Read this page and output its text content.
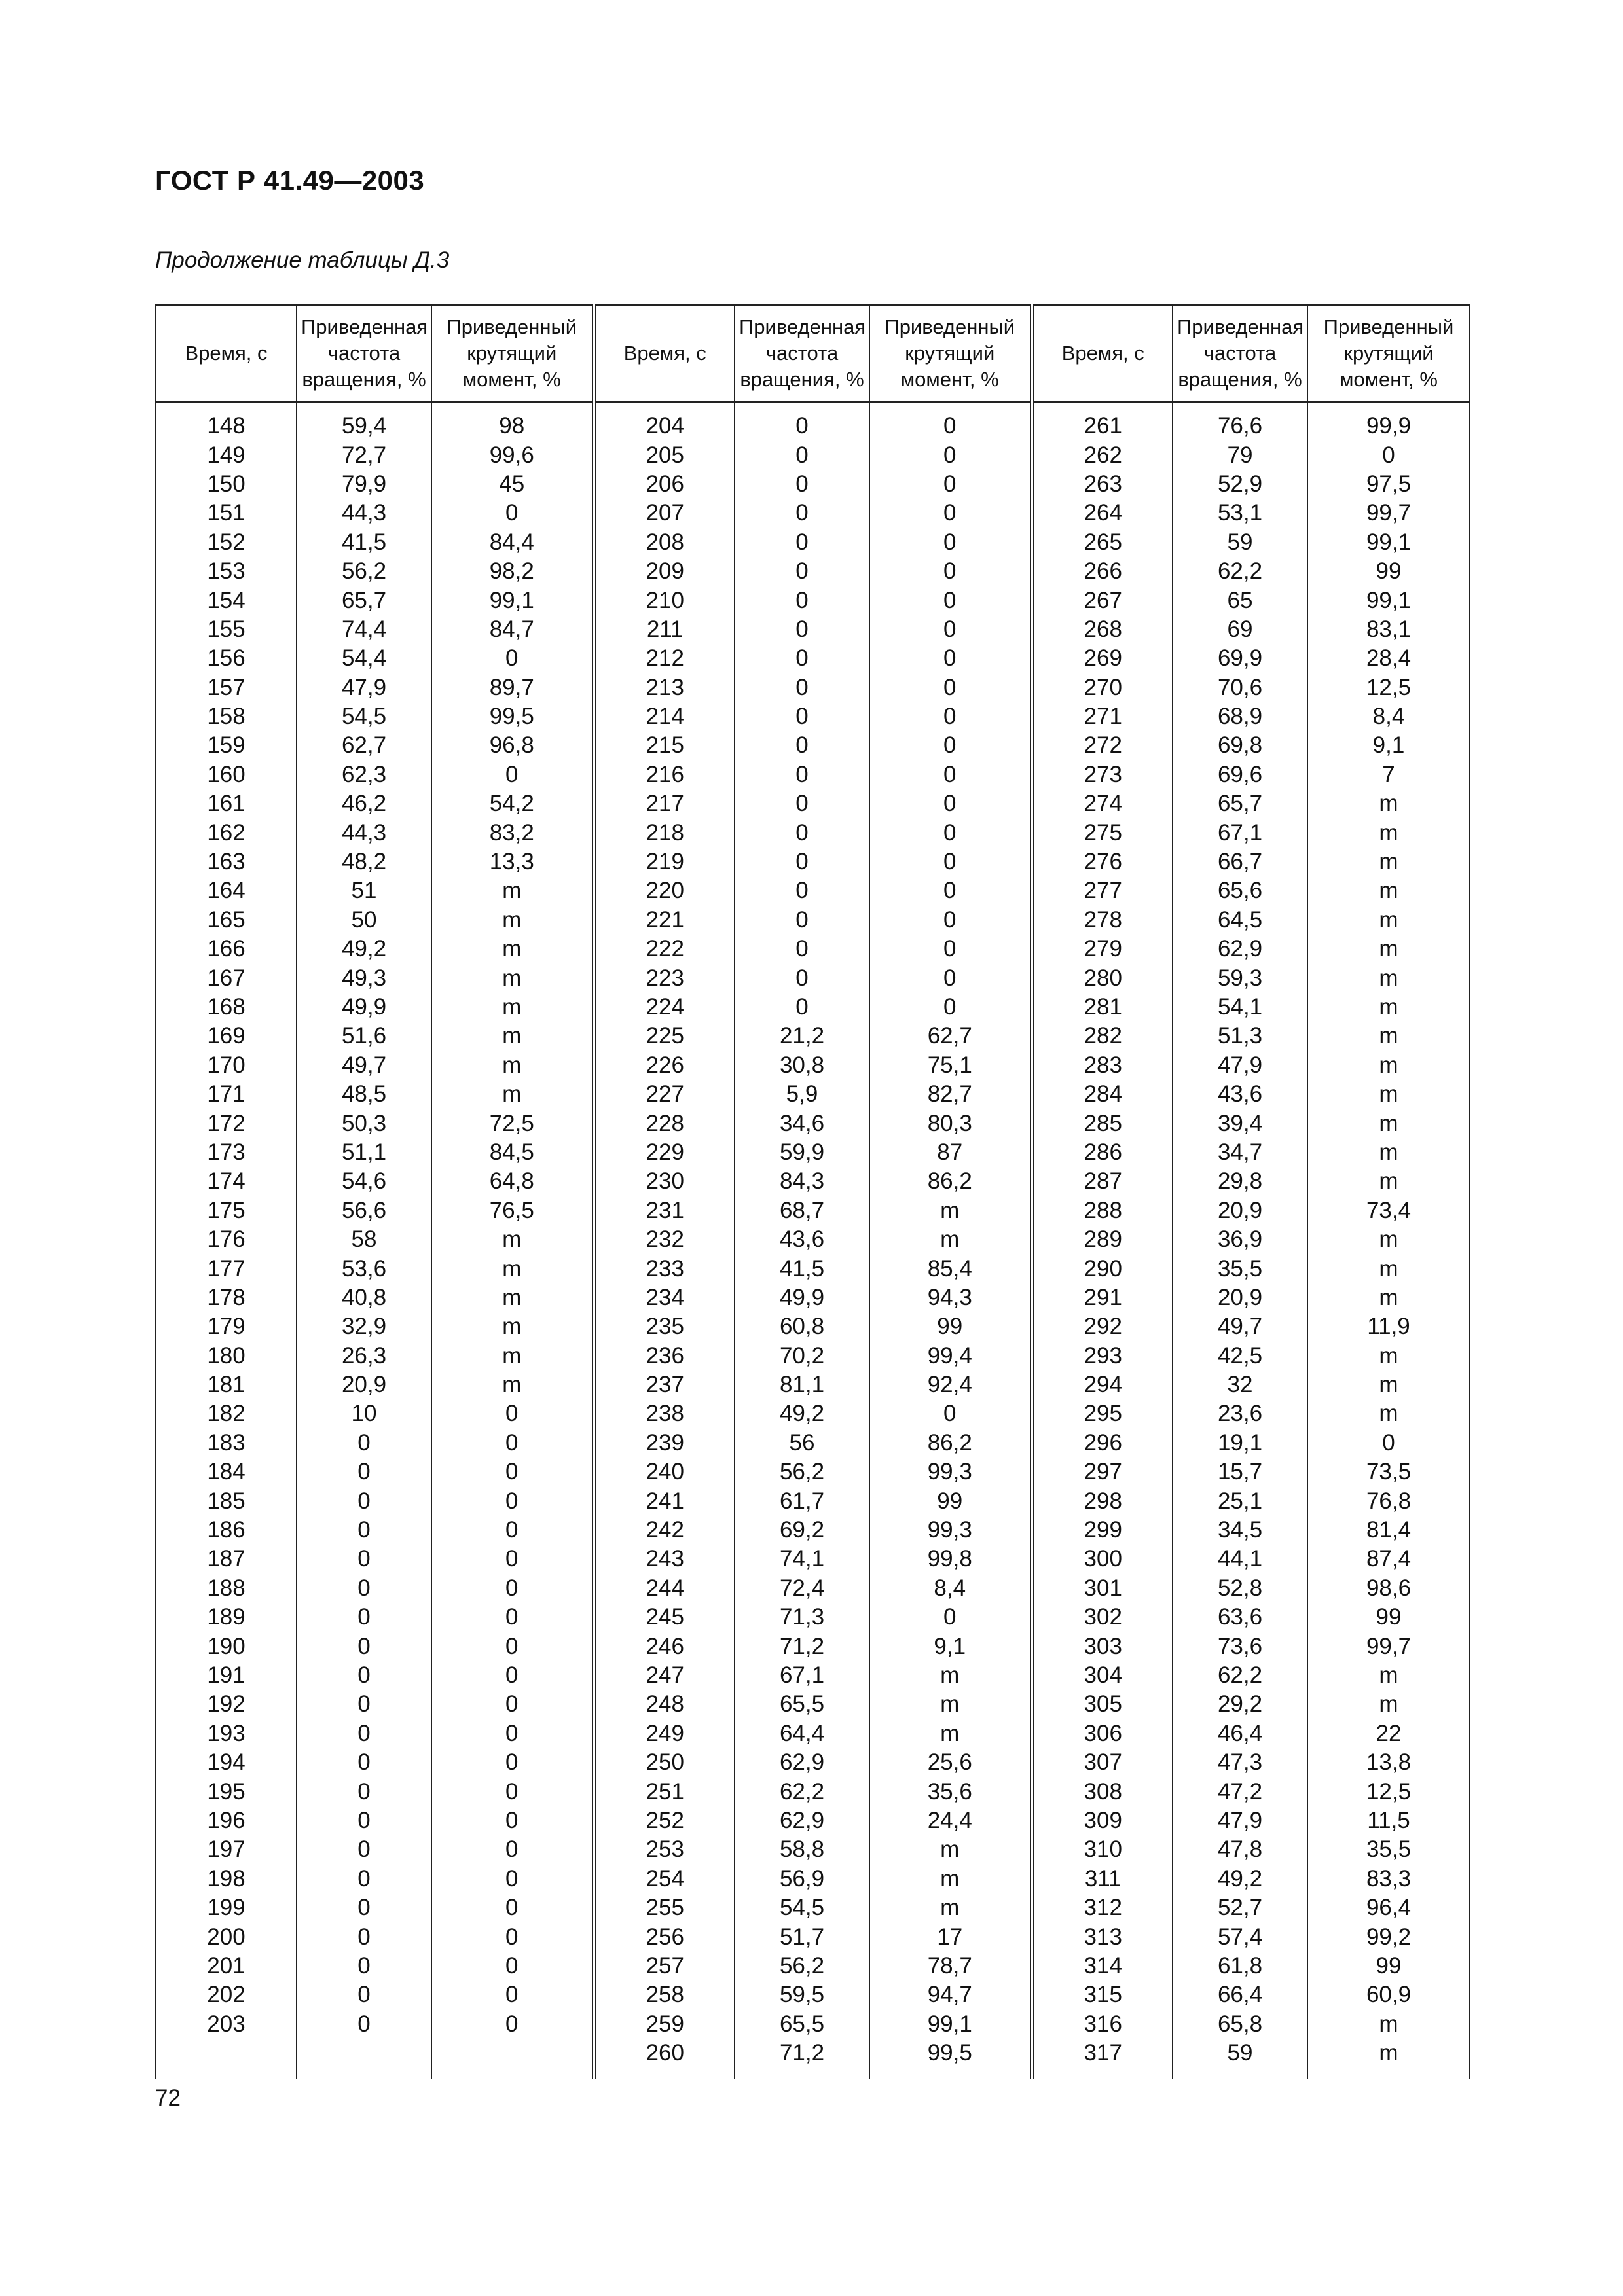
ГОСТ Р 41.49—2003
Продолжение таблицы Д.3
Время, с	Приведенная частота вращения, %	Приведенный крутящий момент, %	Время, с	Приведенная частота вращения, %	Приведенный крутящий момент, %	Время, с	Приведенная частота вращения, %	Приведенный крутящий момент, %
148	59,4	98	204	0	0	261	76,6	99,9
149	72,7	99,6	205	0	0	262	79	0
150	79,9	45	206	0	0	263	52,9	97,5
151	44,3	0	207	0	0	264	53,1	99,7
152	41,5	84,4	208	0	0	265	59	99,1
153	56,2	98,2	209	0	0	266	62,2	99
154	65,7	99,1	210	0	0	267	65	99,1
155	74,4	84,7	211	0	0	268	69	83,1
156	54,4	0	212	0	0	269	69,9	28,4
157	47,9	89,7	213	0	0	270	70,6	12,5
158	54,5	99,5	214	0	0	271	68,9	8,4
159	62,7	96,8	215	0	0	272	69,8	9,1
160	62,3	0	216	0	0	273	69,6	7
161	46,2	54,2	217	0	0	274	65,7	m
162	44,3	83,2	218	0	0	275	67,1	m
163	48,2	13,3	219	0	0	276	66,7	m
164	51	m	220	0	0	277	65,6	m
165	50	m	221	0	0	278	64,5	m
166	49,2	m	222	0	0	279	62,9	m
167	49,3	m	223	0	0	280	59,3	m
168	49,9	m	224	0	0	281	54,1	m
169	51,6	m	225	21,2	62,7	282	51,3	m
170	49,7	m	226	30,8	75,1	283	47,9	m
171	48,5	m	227	5,9	82,7	284	43,6	m
172	50,3	72,5	228	34,6	80,3	285	39,4	m
173	51,1	84,5	229	59,9	87	286	34,7	m
174	54,6	64,8	230	84,3	86,2	287	29,8	m
175	56,6	76,5	231	68,7	m	288	20,9	73,4
176	58	m	232	43,6	m	289	36,9	m
177	53,6	m	233	41,5	85,4	290	35,5	m
178	40,8	m	234	49,9	94,3	291	20,9	m
179	32,9	m	235	60,8	99	292	49,7	11,9
180	26,3	m	236	70,2	99,4	293	42,5	m
181	20,9	m	237	81,1	92,4	294	32	m
182	10	0	238	49,2	0	295	23,6	m
183	0	0	239	56	86,2	296	19,1	0
184	0	0	240	56,2	99,3	297	15,7	73,5
185	0	0	241	61,7	99	298	25,1	76,8
186	0	0	242	69,2	99,3	299	34,5	81,4
187	0	0	243	74,1	99,8	300	44,1	87,4
188	0	0	244	72,4	8,4	301	52,8	98,6
189	0	0	245	71,3	0	302	63,6	99
190	0	0	246	71,2	9,1	303	73,6	99,7
191	0	0	247	67,1	m	304	62,2	m
192	0	0	248	65,5	m	305	29,2	m
193	0	0	249	64,4	m	306	46,4	22
194	0	0	250	62,9	25,6	307	47,3	13,8
195	0	0	251	62,2	35,6	308	47,2	12,5
196	0	0	252	62,9	24,4	309	47,9	11,5
197	0	0	253	58,8	m	310	47,8	35,5
198	0	0	254	56,9	m	311	49,2	83,3
199	0	0	255	54,5	m	312	52,7	96,4
200	0	0	256	51,7	17	313	57,4	99,2
201	0	0	257	56,2	78,7	314	61,8	99
202	0	0	258	59,5	94,7	315	66,4	60,9
203	0	0	259	65,5	99,1	316	65,8	m
			260	71,2	99,5	317	59	m
72
